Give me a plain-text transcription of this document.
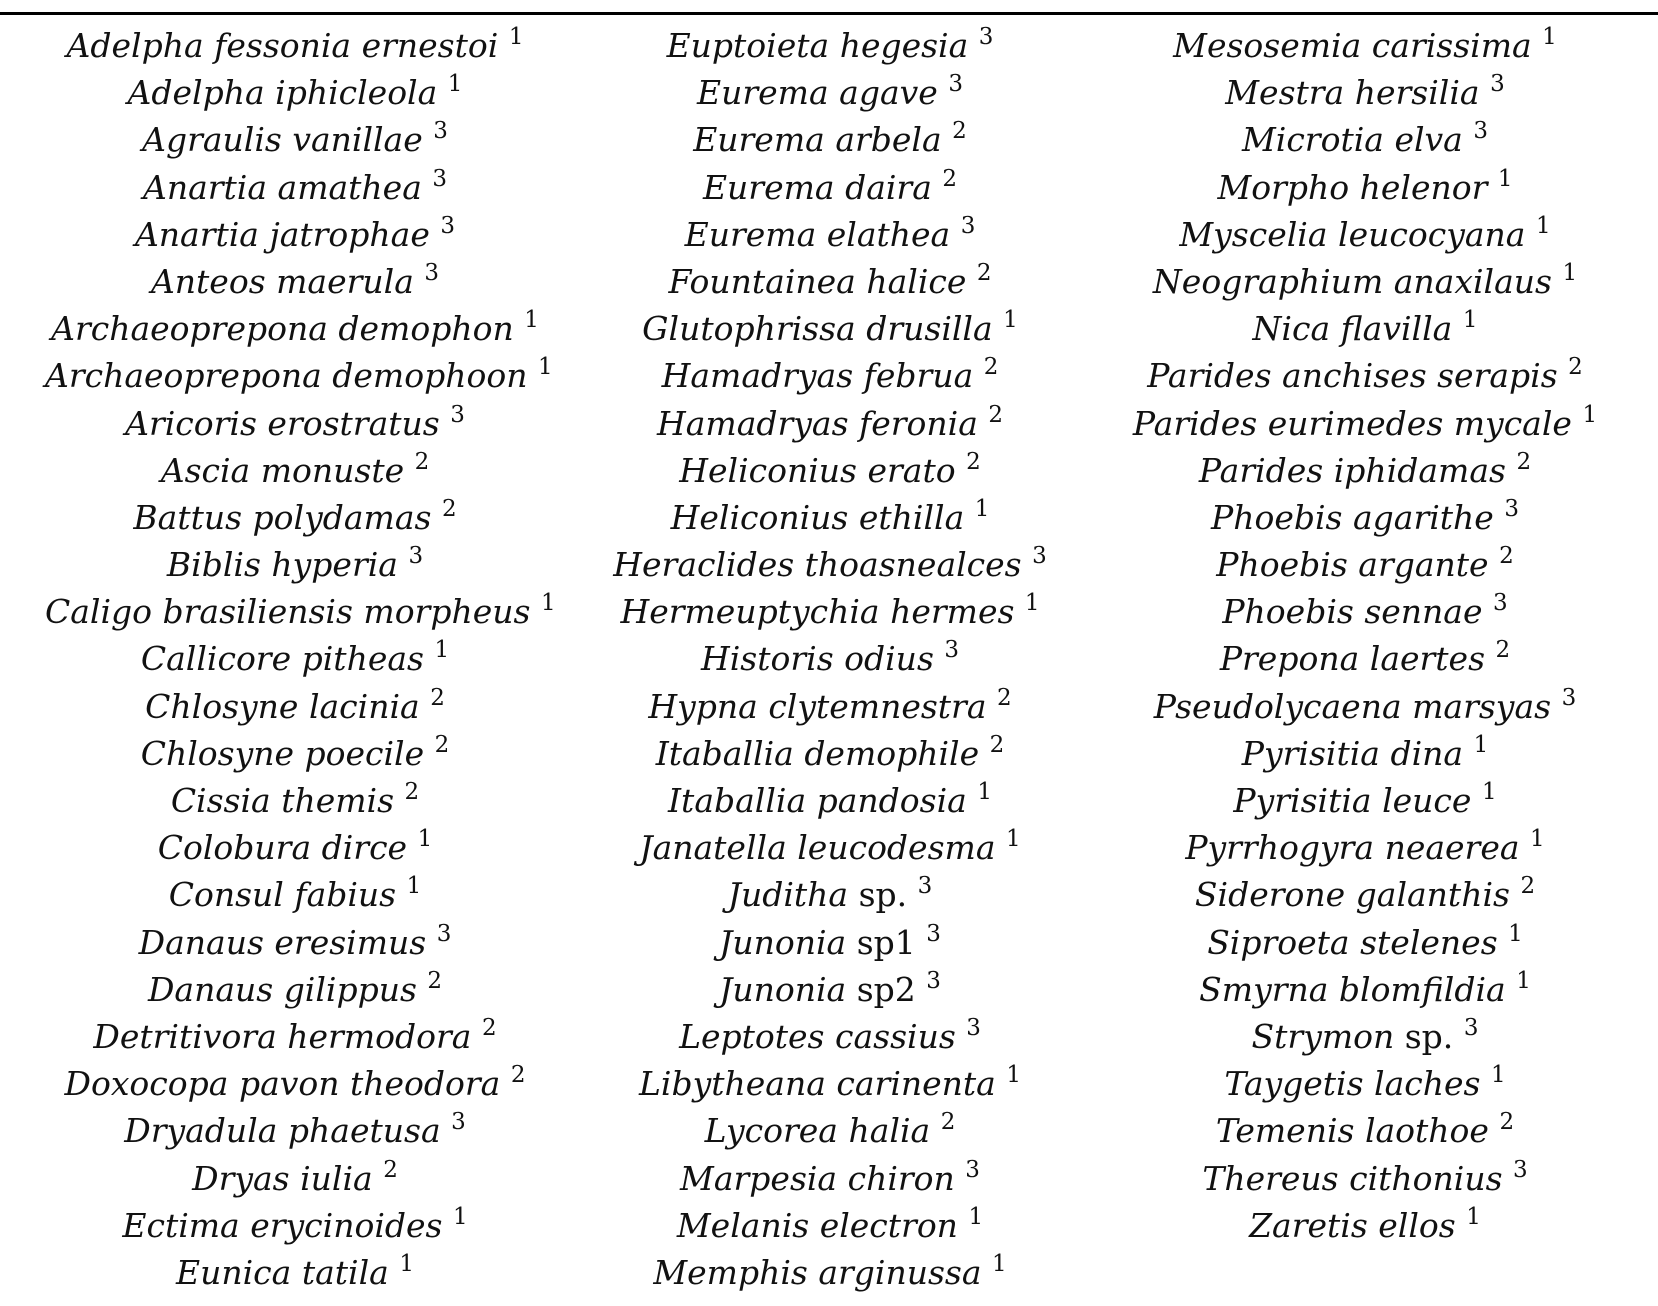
Adelpha fessonia ernestoi $^1$
Adelpha iphicleola $^1$
Agraulis vanillae $^3$
Anartia amathea $^3$
Anartia jatrophae $^3$
Anteos maerula $^3$
Archaeoprepona demophon $^1$
Archaeoprepona demophoon $^1$
Aricoris erostratus $^3$
Ascia monuste $^2$
Battus polydamas $^2$
Biblis hyperia $^3$
Caligo brasiliensis morpheus $^1$
Callicore pitheas $^1$
Chlosyne lacinia $^2$
Chlosyne poecile $^2$
Cissia themis $^2$
Colobura dirce $^1$
Consul fabius $^1$
Danaus eresimus $^3$
Danaus gilippus $^2$
Detritivora hermodora $^2$
Doxocopa pavon theodora $^2$
Dryadula phaetusa $^3$
Dryas iulia $^2$
Ectima erycinoides $^1$
Eunica tatila $^1$
Euptoieta hegesia $^3$
Eurema agave $^3$
Eurema arbela $^2$
Eurema daira $^2$
Eurema elathea $^3$
Fountainea halice $^2$
Glutophrissa drusilla $^1$
Hamadryas februa $^2$
Hamadryas feronia $^2$
Heliconius erato $^2$
Heliconius ethilla $^1$
Heraclides thoasnealces $^3$
Hermeuptychia hermes $^1$
Historis odius $^3$
Hypna clytemnestra $^2$
Itaballia demophile $^2$
Itaballia pandosia $^1$
Janatella leucodesma $^1$
Juditha sp. $^3$
Junonia sp1 $^3$
Junonia sp2 $^3$
Leptotes cassius $^3$
Libytheana carinenta $^1$
Lycorea halia $^2$
Marpesia chiron $^3$
Melanis electron $^1$
Memphis arginussa $^1$
Mesosemia carissima $^1$
Mestra hersilia $^3$
Microtia elva $^3$
Morpho helenor $^1$
Myscelia leucocyana $^1$
Neographium anaxilaus $^1$
Nica flavilla $^1$
Parides anchises serapis $^2$
Parides eurimedes mycale $^1$
Parides iphidamas $^2$
Phoebis agarithe $^3$
Phoebis argante $^2$
Phoebis sennae $^3$
Prepona laertes $^2$
Pseudolycaena marsyas $^3$
Pyrisitia dina $^1$
Pyrisitia leuce $^1$
Pyrrhogyra neaerea $^1$
Siderone galanthis $^2$
Siproeta stelenes $^1$
Smyrna blomfildia $^1$
Strymon sp. $^3$
Taygetis laches $^1$
Temenis laothoe $^2$
Thereus cithonius $^3$
Zaretis ellos $^1$
